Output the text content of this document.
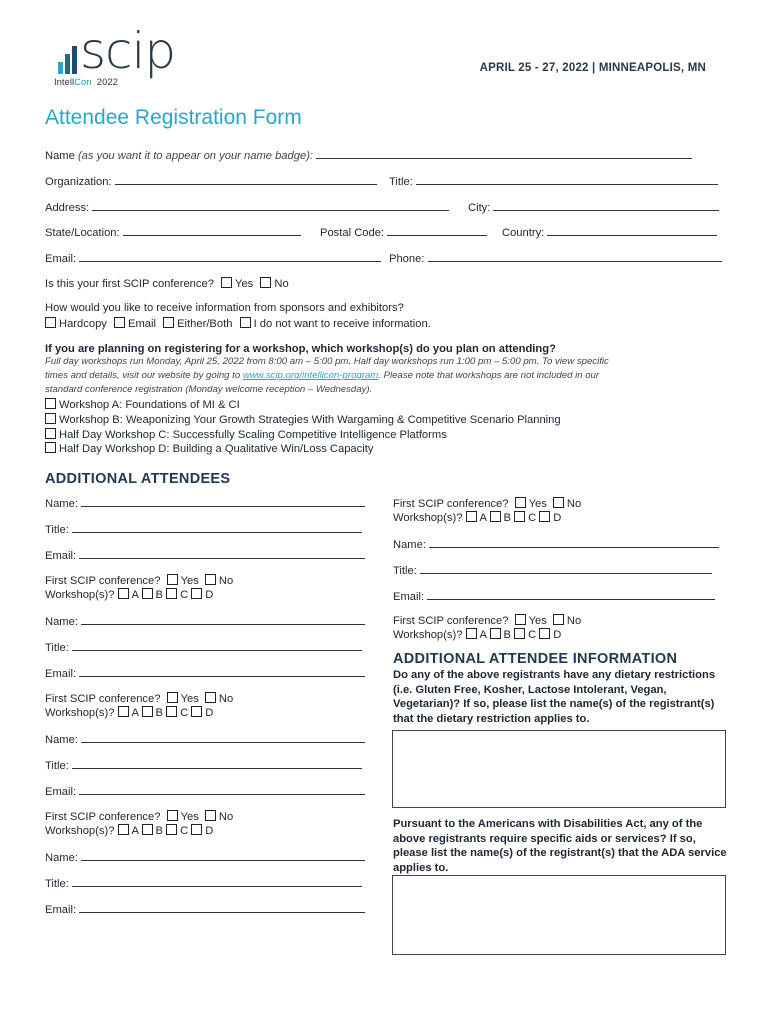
scip
IntellCon 2022
APRIL 25 - 27, 2022 | MINNEAPOLIS, MN
Attendee Registration Form
Name (as you want it to appear on your name badge):
Organization:	Title:
Address:	City:
State/Location:	Postal Code:	Country:
Email:	Phone:
Is this your first SCIP conference? Yes No
How would you like to receive information from sponsors and exhibitors?
Hardcopy Email Either/Both I do not want to receive information.
If you are planning on registering for a workshop, which workshop(s) do you plan on attending?
Full day workshops run Monday, April 25, 2022 from 8:00 am – 5:00 pm. Half day workshops run 1:00 pm – 5:00 pm. To view specific
times and details, visit our website by going to www.scip.org/intellicon-program. Please note that workshops are not included in our
standard conference registration (Monday welcome reception – Wednesday).
Workshop A: Foundations of MI & CI
Workshop B: Weaponizing Your Growth Strategies With Wargaming & Competitive Scenario Planning
Half Day Workshop C: Successfully Scaling Competitive Intelligence Platforms
Half Day Workshop D: Building a Qualitative Win/Loss Capacity
ADDITIONAL ATTENDEES
Name:
Title:
Email:
First SCIP conference? Yes No
Workshop(s)? A B C D
Name:
Title:
Email:
First SCIP conference? Yes No
Workshop(s)? A B C D
Name:
Title:
Email:
First SCIP conference? Yes No
Workshop(s)? A B C D
Name:
Title:
Email:
First SCIP conference? Yes No
Workshop(s)? A B C D
Name:
Title:
Email:
First SCIP conference? Yes No
Workshop(s)? A B C D
ADDITIONAL ATTENDEE INFORMATION
Do any of the above registrants have any dietary restrictions (i.e. Gluten Free, Kosher, Lactose Intolerant, Vegan, Vegetarian)? If so, please list the name(s) of the registrant(s) that the dietary restriction applies to.
Pursuant to the Americans with Disabilities Act, any of the above registrants require specific aids or services? If so, please list the name(s) of the registrant(s) that the ADA service applies to.
